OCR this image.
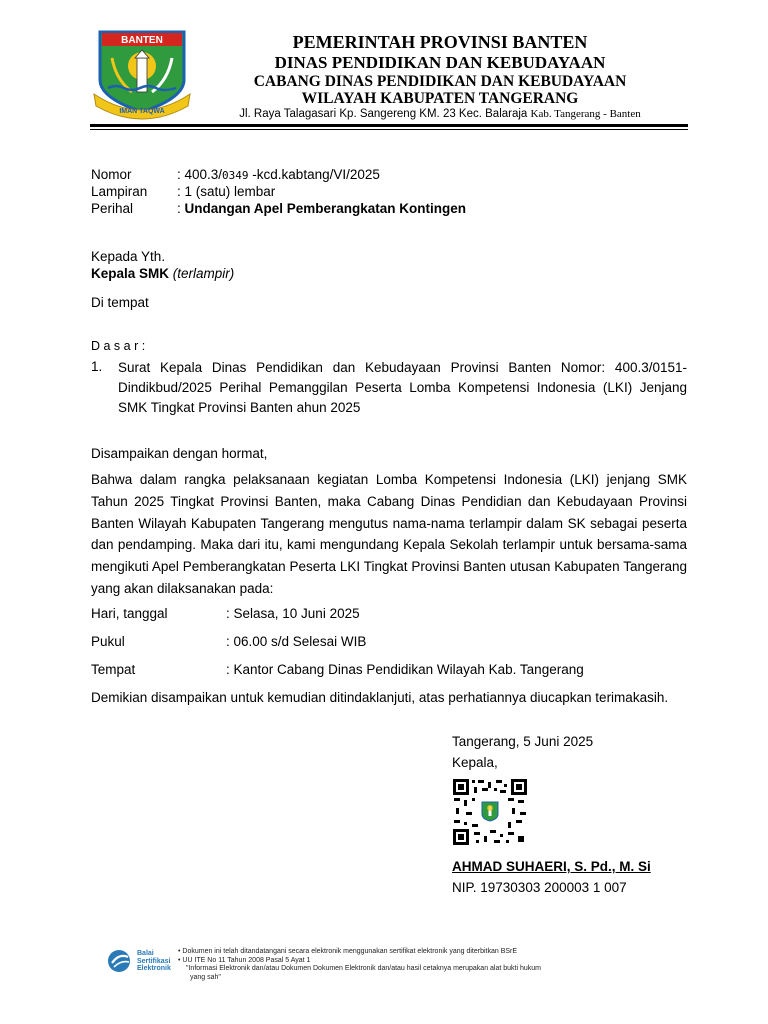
BANTEN
IMAN TAQWA
PEMERINTAH PROVINSI BANTEN
DINAS PENDIDIKAN DAN KEBUDAYAAN
CABANG DINAS PENDIDIKAN DAN KEBUDAYAAN
WILAYAH KABUPATEN TANGERANG
Jl. Raya Talagasari Kp. Sangereng KM. 23 Kec. Balaraja Kab. Tangerang - Banten
Nomor	: 400.3/0349 -kcd.kabtang/VI/2025
Lampiran : 1 (satu) lembar
Perihal	: Undangan Apel Pemberangkatan Kontingen
Kepada Yth.
Kepala SMK (terlampir)
Di tempat
D a s a r :
1. Surat Kepala Dinas Pendidikan dan Kebudayaan Provinsi Banten Nomor: 400.3/0151-Dindikbud/2025 Perihal Pemanggilan Peserta Lomba Kompetensi Indonesia (LKI) Jenjang SMK Tingkat Provinsi Banten ahun 2025
Disampaikan dengan hormat,
Bahwa dalam rangka pelaksanaan kegiatan Lomba Kompetensi Indonesia (LKI) jenjang SMK Tahun 2025 Tingkat Provinsi Banten, maka Cabang Dinas Pendidian dan Kebudayaan Provinsi Banten Wilayah Kabupaten Tangerang mengutus nama-nama terlampir dalam SK sebagai peserta dan pendamping. Maka dari itu, kami mengundang Kepala Sekolah terlampir untuk bersama-sama mengikuti Apel Pemberangkatan Peserta LKI Tingkat Provinsi Banten utusan Kabupaten Tangerang yang akan dilaksanakan pada:
Hari, tanggal	: Selasa, 10 Juni 2025
Pukul	: 06.00 s/d Selesai WIB
Tempat	: Kantor Cabang Dinas Pendidikan Wilayah Kab. Tangerang
Demikian disampaikan untuk kemudian ditindaklanjuti, atas perhatiannya diucapkan terimakasih.
Tangerang, 5 Juni 2025
Kepala,
AHMAD SUHAERI, S. Pd., M. Si
NIP. 19730303 200003 1 007
Balai
Sertifikasi
Elektronik
• Dokumen ini telah ditandatangani secara elektronik menggunakan sertifikat elektronik yang diterbitkan BSrE
• UU ITE No 11 Tahun 2008 Pasal 5 Ayat 1
"Informasi Elektronik dan/atau Dokumen Dokumen Elektronik dan/atau hasil cetaknya merupakan alat bukti hukum
yang sah"
